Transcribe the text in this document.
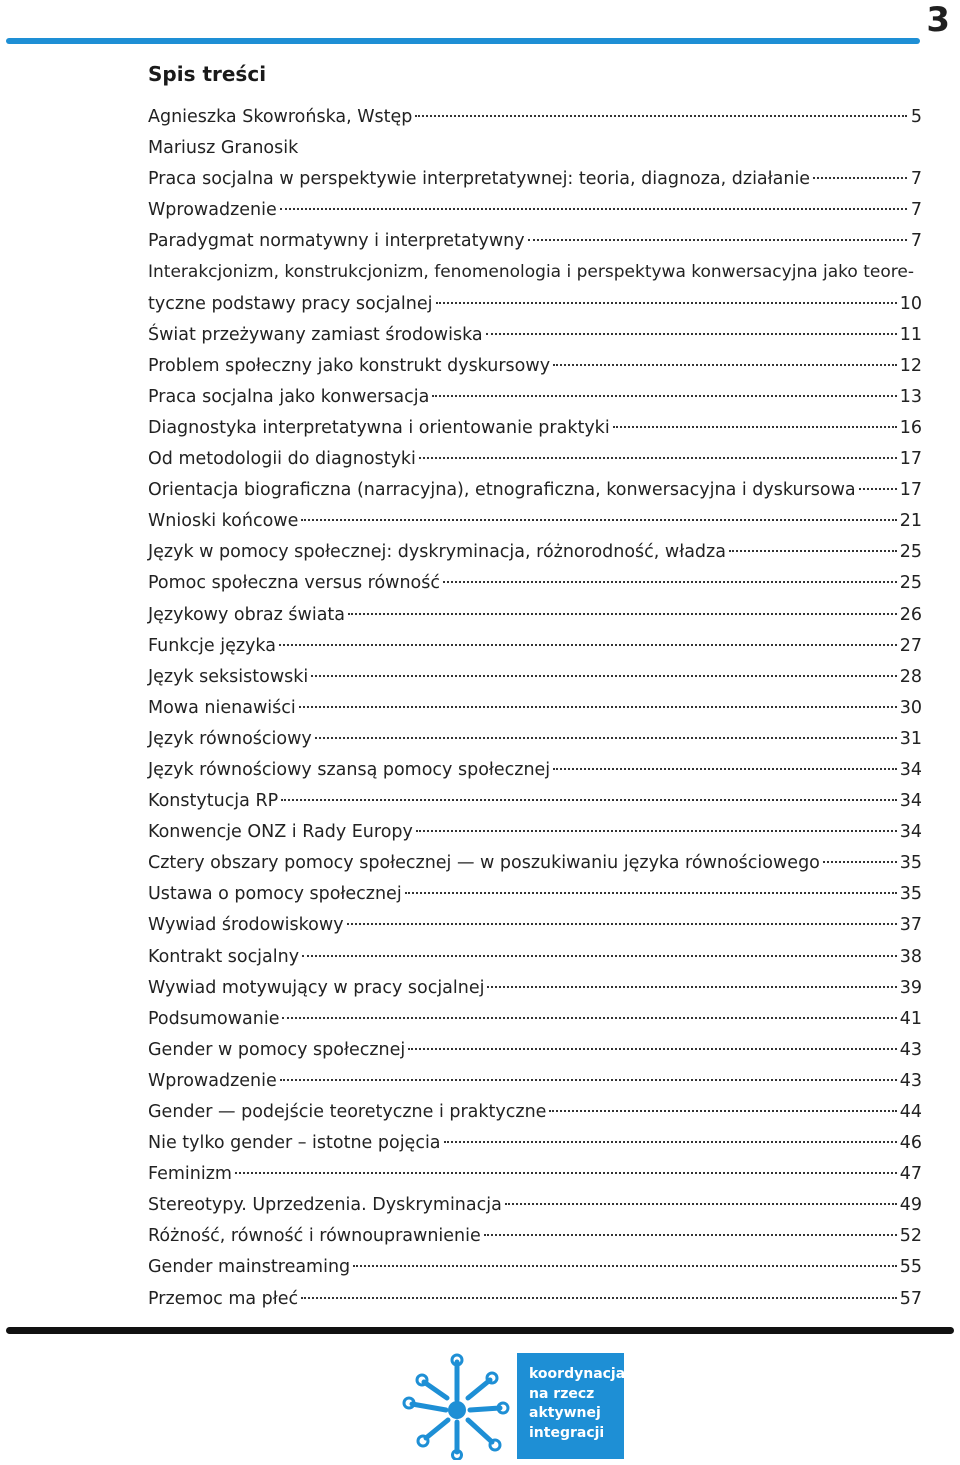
3
Spis treści
Agnieszka Skowrońska, Wstęp	5
Mariusz Granosik
Praca socjalna w perspektywie interpretatywnej: teoria, diagnoza, działanie	7
Wprowadzenie	7
Paradygmat normatywny i interpretatywny	7
Interakcjonizm, konstrukcjonizm, fenomenologia i perspektywa konwersacyjna jako teore-
tyczne podstawy pracy socjalnej	10
Świat przeżywany zamiast środowiska	11
Problem społeczny jako konstrukt dyskursowy	12
Praca socjalna jako konwersacja	13
Diagnostyka interpretatywna i orientowanie praktyki	16
Od metodologii do diagnostyki	17
Orientacja biograficzna (narracyjna), etnograficzna, konwersacyjna i dyskursowa	17
Wnioski końcowe	21
Język w pomocy społecznej: dyskryminacja, różnorodność, władza	25
Pomoc społeczna versus równość	25
Językowy obraz świata	26
Funkcje języka	27
Język seksistowski	28
Mowa nienawiści	30
Język równościowy	31
Język równościowy szansą pomocy społecznej	34
Konstytucja RP	34
Konwencje ONZ i Rady Europy	34
Cztery obszary pomocy społecznej — w poszukiwaniu języka równościowego	35
Ustawa o pomocy społecznej	35
Wywiad środowiskowy	37
Kontrakt socjalny	38
Wywiad motywujący w pracy socjalnej	39
Podsumowanie	41
Gender w pomocy społecznej	43
Wprowadzenie	43
Gender — podejście teoretyczne i praktyczne	44
Nie tylko gender – istotne pojęcia	46
Feminizm	47
Stereotypy. Uprzedzenia. Dyskryminacja	49
Różność, równość i równouprawnienie	52
Gender mainstreaming	55
Przemoc ma płeć	57
koordynacja
na rzecz
aktywnej
integracji
